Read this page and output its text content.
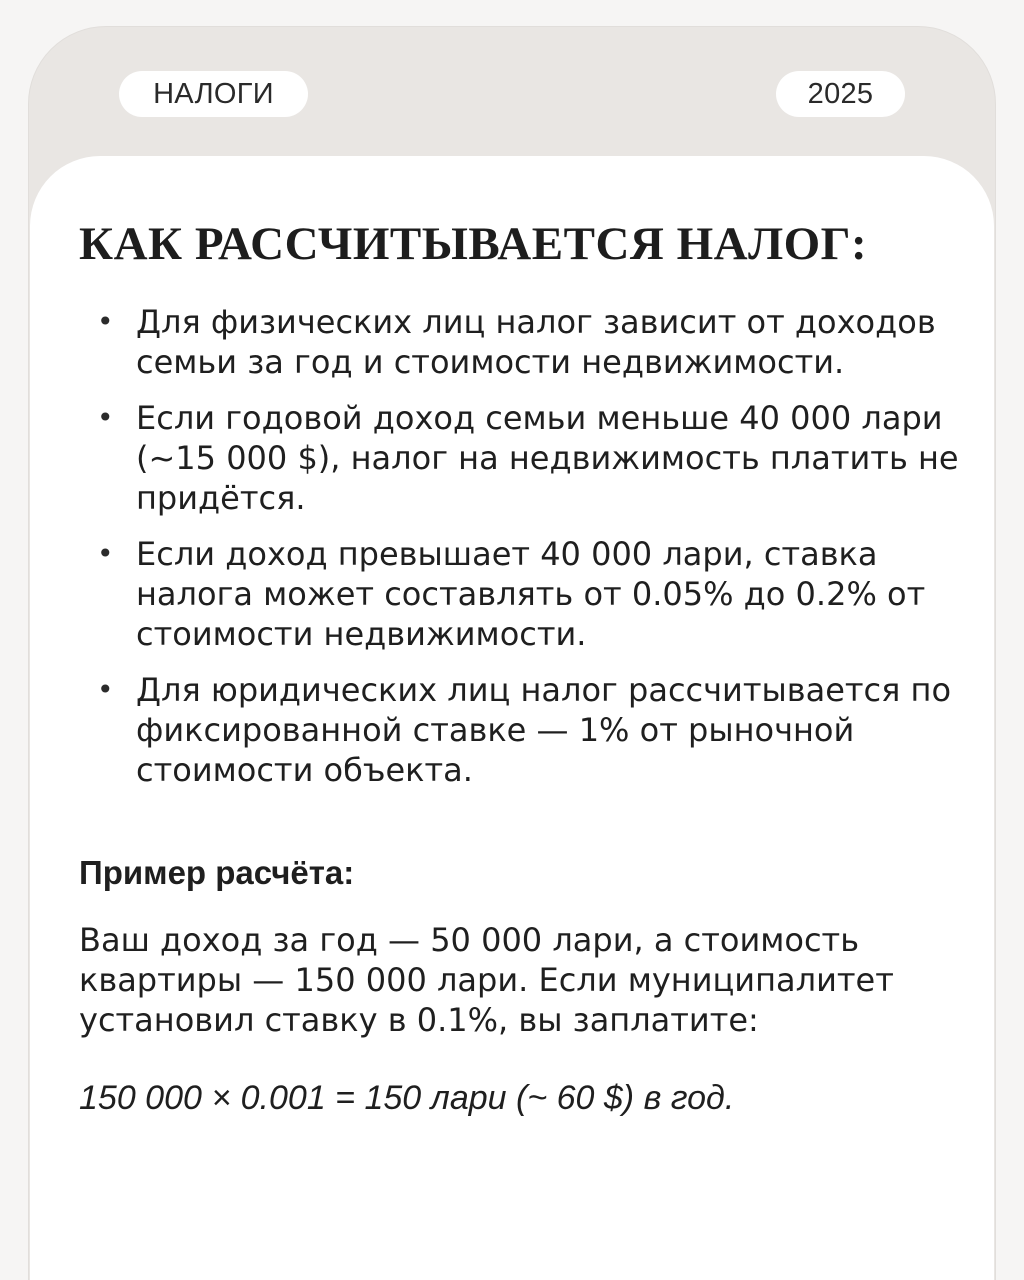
НАЛОГИ	2025
КАК РАССЧИТЫВАЕТСЯ НАЛОГ:
• Для физических лиц налог зависит от доходов семьи за год и стоимости недвижимости.
• Если годовой доход семьи меньше 40 000 лари (~15 000 $), налог на недвижимость платить не придётся.
• Если доход превышает 40 000 лари, ставка налога может составлять от 0.05% до 0.2% от стоимости недвижимости.
• Для юридических лиц налог рассчитывается по фиксированной ставке — 1% от рыночной стоимости объекта.
Пример расчёта:

Ваш доход за год — 50 000 лари, а стоимость квартиры — 150 000 лари. Если муниципалитет установил ставку в 0.1%, вы заплатите:

150 000 × 0.001 = 150 лари (~ 60 $) в год.
